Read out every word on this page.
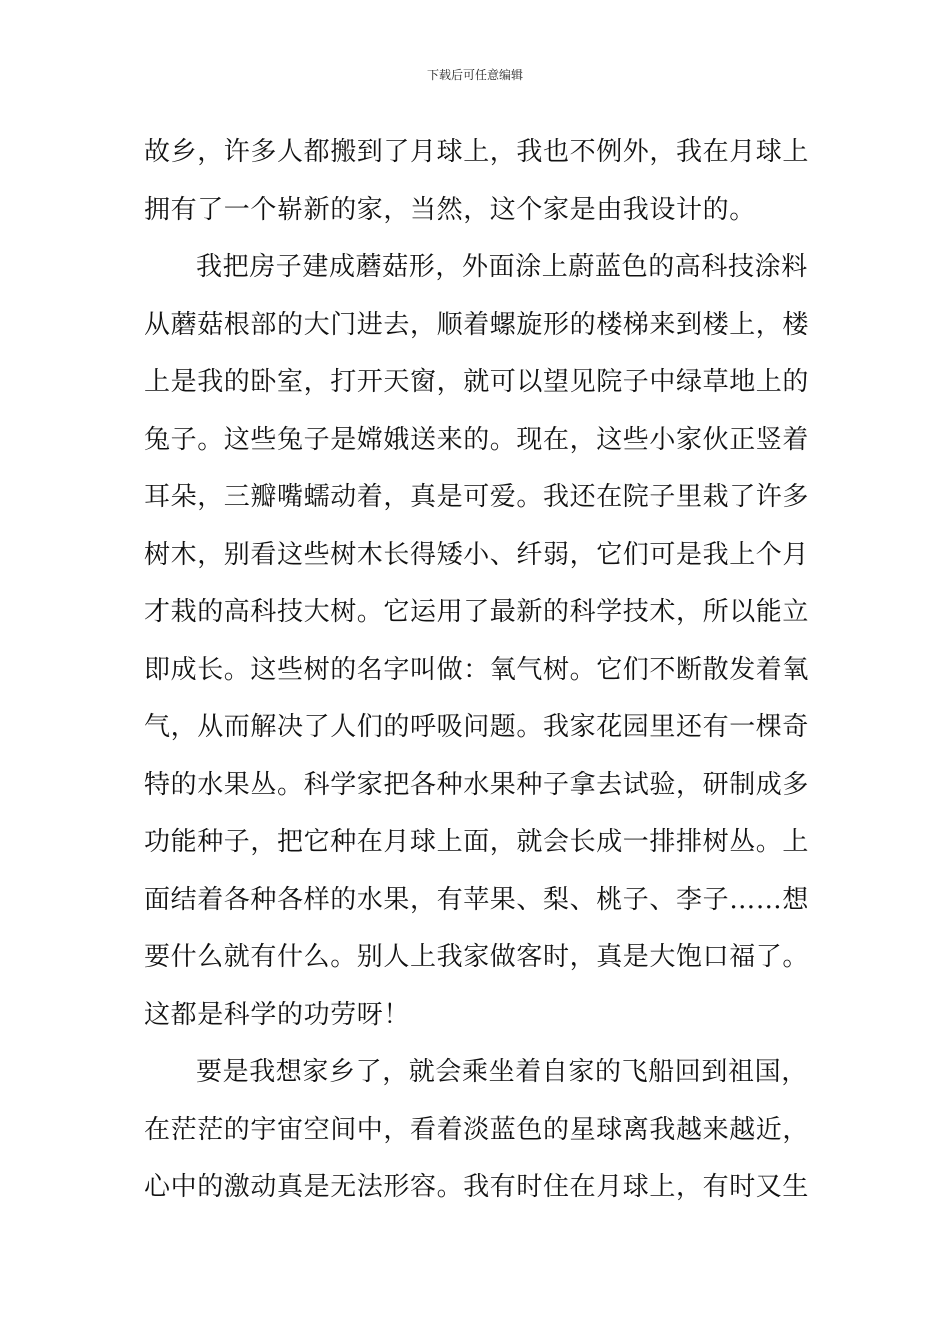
下载后可任意编辑
故乡，许多人都搬到了月球上，我也不例外，我在月球上
拥有了一个崭新的家，当然，这个家是由我设计的。
我把房子建成蘑菇形，外面涂上蔚蓝色的高科技涂料
从蘑菇根部的大门进去，顺着螺旋形的楼梯来到楼上，楼
上是我的卧室，打开天窗，就可以望见院子中绿草地上的
兔子。这些兔子是嫦娥送来的。现在，这些小家伙正竖着
耳朵，三瓣嘴蠕动着，真是可爱。我还在院子里栽了许多
树木，别看这些树木长得矮小、纤弱，它们可是我上个月
才栽的高科技大树。它运用了最新的科学技术，所以能立
即成长。这些树的名字叫做：氧气树。它们不断散发着氧
气，从而解决了人们的呼吸问题。我家花园里还有一棵奇
特的水果丛。科学家把各种水果种子拿去试验，研制成多
功能种子，把它种在月球上面，就会长成一排排树丛。上
面结着各种各样的水果，有苹果、梨、桃子、李子……想
要什么就有什么。别人上我家做客时，真是大饱口福了。
这都是科学的功劳呀！
要是我想家乡了，就会乘坐着自家的飞船回到祖国，
在茫茫的宇宙空间中，看着淡蓝色的星球离我越来越近，
心中的激动真是无法形容。我有时住在月球上，有时又生
